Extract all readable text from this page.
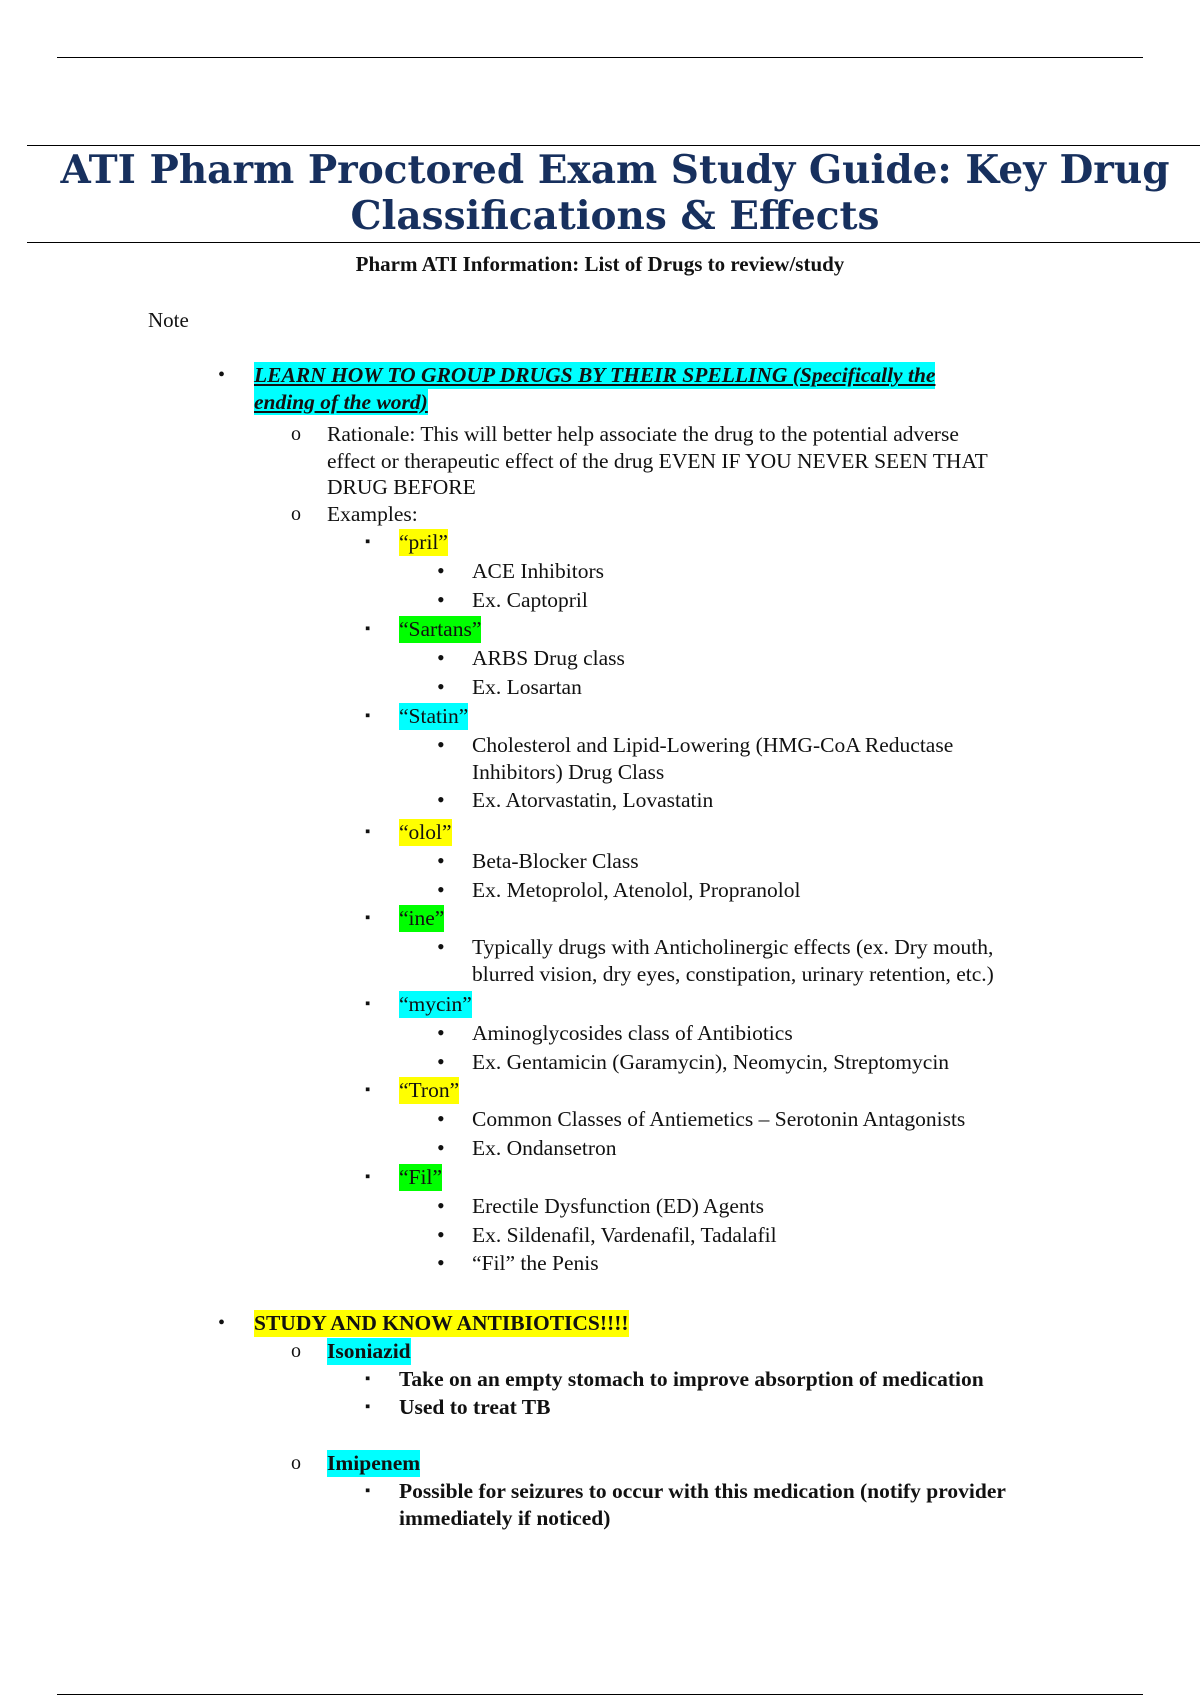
ATI Pharm Proctored Exam Study Guide: Key Drug
Classifications & Effects
Pharm ATI Information: List of Drugs to review/study
Note
• LEARN HOW TO GROUP DRUGS BY THEIR SPELLING (Specifically the
ending of the word)
o Rationale: This will better help associate the drug to the potential adverse
effect or therapeutic effect of the drug EVEN IF YOU NEVER SEEN THAT
DRUG BEFORE
o Examples:
▪ “pril”
• ACE Inhibitors
• Ex. Captopril
▪ “Sartans”
• ARBS Drug class
• Ex. Losartan
▪ “Statin”
• Cholesterol and Lipid-Lowering (HMG-CoA Reductase
Inhibitors) Drug Class
• Ex. Atorvastatin, Lovastatin
▪ “olol”
• Beta-Blocker Class
• Ex. Metoprolol, Atenolol, Propranolol
▪ “ine”
• Typically drugs with Anticholinergic effects (ex. Dry mouth,
blurred vision, dry eyes, constipation, urinary retention, etc.)
▪ “mycin”
• Aminoglycosides class of Antibiotics
• Ex. Gentamicin (Garamycin), Neomycin, Streptomycin
▪ “Tron”
• Common Classes of Antiemetics – Serotonin Antagonists
• Ex. Ondansetron
▪ “Fil”
• Erectile Dysfunction (ED) Agents
• Ex. Sildenafil, Vardenafil, Tadalafil
• “Fil” the Penis
• STUDY AND KNOW ANTIBIOTICS!!!!
o Isoniazid
▪ Take on an empty stomach to improve absorption of medication
▪ Used to treat TB
o Imipenem
▪ Possible for seizures to occur with this medication (notify provider
immediately if noticed)
